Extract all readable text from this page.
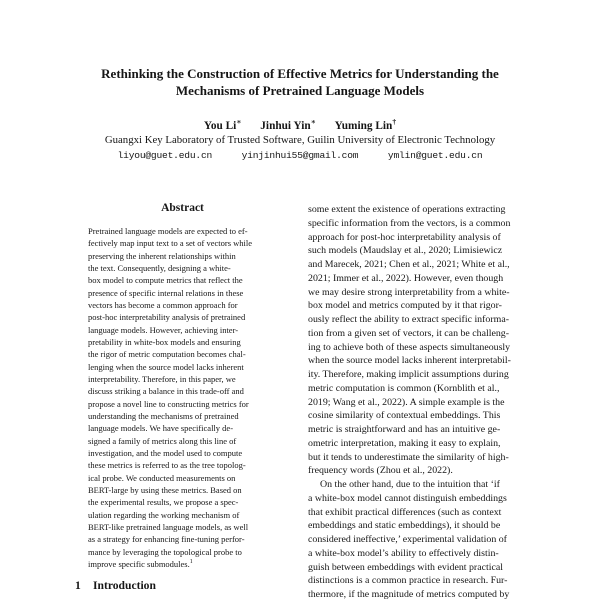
Rethinking the Construction of Effective Metrics for Understanding the
Mechanisms of Pretrained Language Models
You Li∗ Jinhui Yin∗ Yuming Lin†
Guangxi Key Laboratory of Trusted Software, Guilin University of Electronic Technology
liyou@guet.edu.cn	yinjinhui55@gmail.com	ymlin@guet.edu.cn
Abstract
Pretrained language models are expected to ef-
fectively map input text to a set of vectors while
preserving the inherent relationships within
the text. Consequently, designing a white-
box model to compute metrics that reflect the
presence of specific internal relations in these
vectors has become a common approach for
post-hoc interpretability analysis of pretrained
language models. However, achieving inter-
pretability in white-box models and ensuring
the rigor of metric computation becomes chal-
lenging when the source model lacks inherent
interpretability. Therefore, in this paper, we
discuss striking a balance in this trade-off and
propose a novel line to constructing metrics for
understanding the mechanisms of pretrained
language models. We have specifically de-
signed a family of metrics along this line of
investigation, and the model used to compute
these metrics is referred to as the tree topolog-
ical probe. We conducted measurements on
BERT-large by using these metrics. Based on
the experimental results, we propose a spec-
ulation regarding the working mechanism of
BERT-like pretrained language models, as well
as a strategy for enhancing fine-tuning perfor-
mance by leveraging the topological probe to
improve specific submodules.$^1$
1 Introduction
some extent the existence of operations extracting
specific information from the vectors, is a common
approach for post-hoc interpretability analysis of
such models (Maudslay et al., 2020; Limisiewicz
and Marecek, 2021; Chen et al., 2021; White et al.,
2021; Immer et al., 2022). However, even though
we may desire strong interpretability from a white-
box model and metrics computed by it that rigor-
ously reflect the ability to extract specific informa-
tion from a given set of vectors, it can be challeng-
ing to achieve both of these aspects simultaneously
when the source model lacks inherent interpretabil-
ity. Therefore, making implicit assumptions during
metric computation is common (Kornblith et al.,
2019; Wang et al., 2022). A simple example is the
cosine similarity of contextual embeddings. This
metric is straightforward and has an intuitive ge-
ometric interpretation, making it easy to explain,
but it tends to underestimate the similarity of high-
frequency words (Zhou et al., 2022).
On the other hand, due to the intuition that ‘if
a white-box model cannot distinguish embeddings
that exhibit practical differences (such as context
embeddings and static embeddings), it should be
considered ineffective,’ experimental validation of
a white-box model’s ability to effectively distin-
guish between embeddings with evident practical
distinctions is a common practice in research. Fur-
thermore, if the magnitude of metrics computed by
